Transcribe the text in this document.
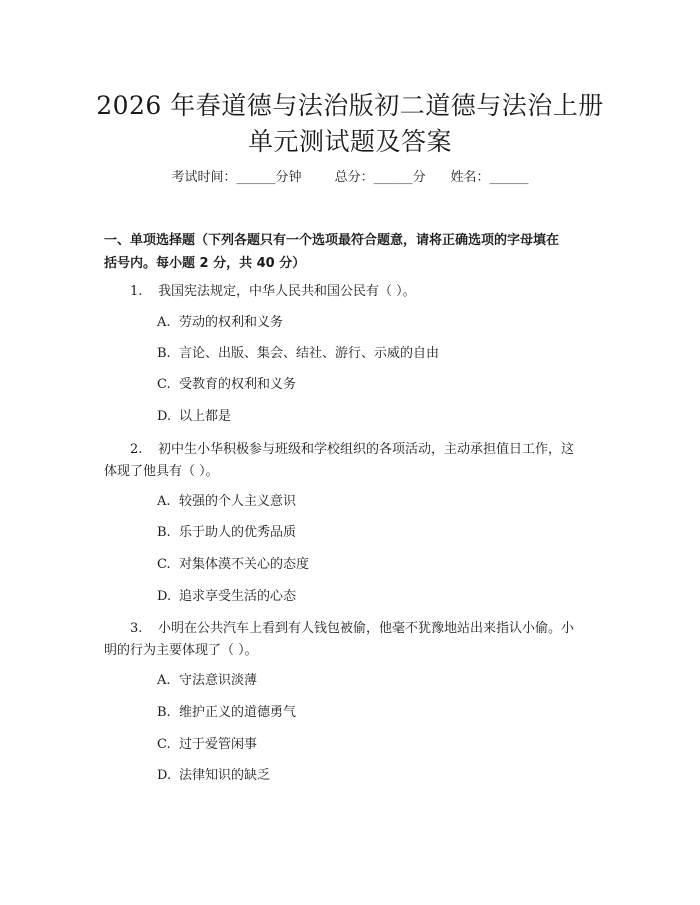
2026 年春道德与法治版初二道德与法治上册
单元测试题及答案
考试时间：______分钟	总分：______分 姓名：______
一、单项选择题（下列各题只有一个选项最符合题意，请将正确选项的字母填在
括号内。每小题 2 分，共 40 分）
1. 我国宪法规定，中华人民共和国公民有（ ）。
A. 劳动的权利和义务
B. 言论、出版、集会、结社、游行、示威的自由
C. 受教育的权利和义务
D. 以上都是
2. 初中生小华积极参与班级和学校组织的各项活动，主动承担值日工作，这
体现了他具有（ ）。
A. 较强的个人主义意识
B. 乐于助人的优秀品质
C. 对集体漠不关心的态度
D. 追求享受生活的心态
3. 小明在公共汽车上看到有人钱包被偷，他毫不犹豫地站出来指认小偷。小
明的行为主要体现了（ ）。
A. 守法意识淡薄
B. 维护正义的道德勇气
C. 过于爱管闲事
D. 法律知识的缺乏
